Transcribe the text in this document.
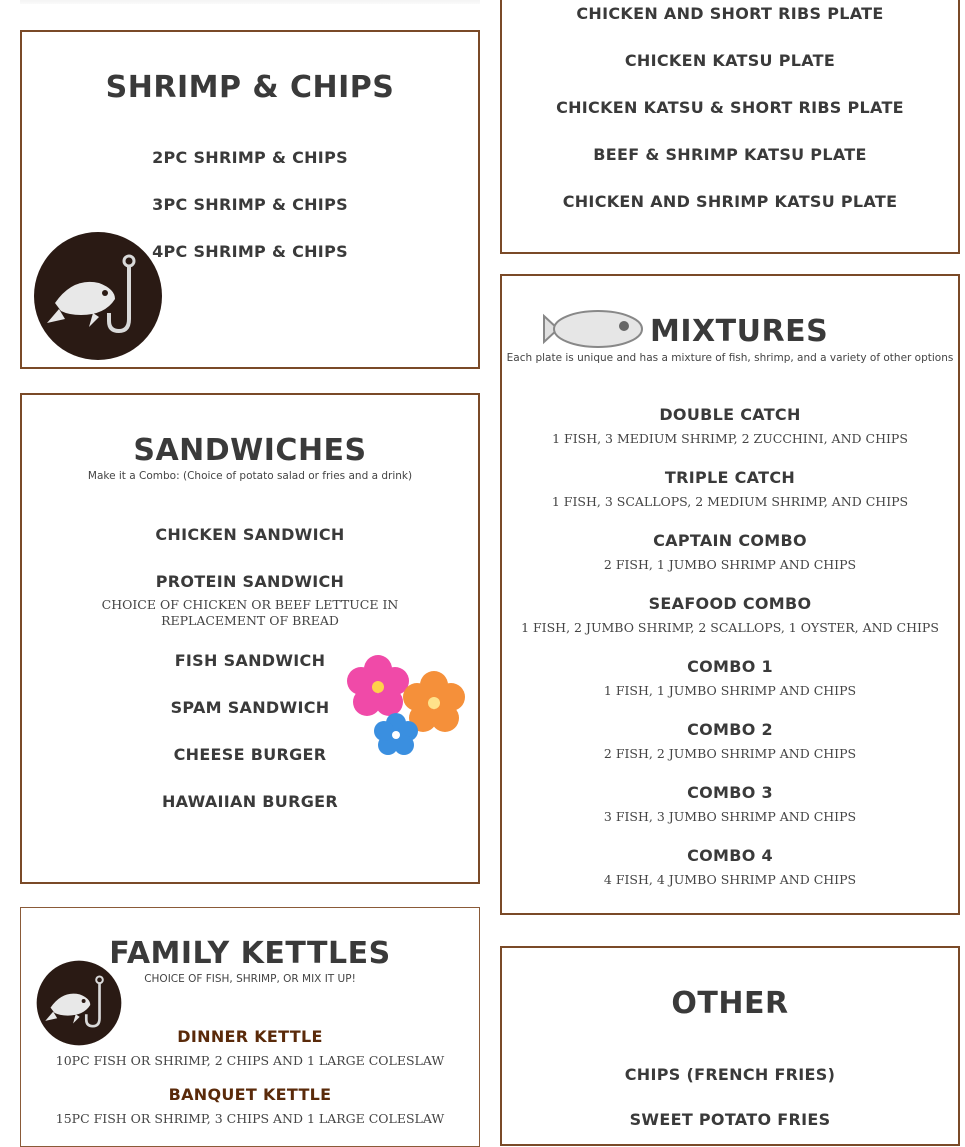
SHRIMP & CHIPS
2PC SHRIMP & CHIPS
3PC SHRIMP & CHIPS
4PC SHRIMP & CHIPS
CHICKEN AND SHORT RIBS PLATE
CHICKEN KATSU PLATE
CHICKEN KATSU & SHORT RIBS PLATE
BEEF & SHRIMP KATSU PLATE
CHICKEN AND SHRIMP KATSU PLATE
SANDWICHES

Make it a Combo: (Choice of potato salad or fries and a drink)

CHICKEN SANDWICH
PROTEIN SANDWICH
CHOICE OF CHICKEN OR BEEF LETTUCE IN REPLACEMENT OF BREAD
FISH SANDWICH
SPAM SANDWICH
CHEESE BURGER
HAWAIIAN BURGER
MIXTURES

Each plate is unique and has a mixture of fish, shrimp, and a variety of other options

DOUBLE CATCH
1 FISH, 3 MEDIUM SHRIMP, 2 ZUCCHINI, AND CHIPS
TRIPLE CATCH
1 FISH, 3 SCALLOPS, 2 MEDIUM SHRIMP, AND CHIPS
CAPTAIN COMBO
2 FISH, 1 JUMBO SHRIMP AND CHIPS
SEAFOOD COMBO
1 FISH, 2 JUMBO SHRIMP, 2 SCALLOPS, 1 OYSTER, AND CHIPS
COMBO 1
1 FISH, 1 JUMBO SHRIMP AND CHIPS
COMBO 2
2 FISH, 2 JUMBO SHRIMP AND CHIPS
COMBO 3
3 FISH, 3 JUMBO SHRIMP AND CHIPS
COMBO 4
4 FISH, 4 JUMBO SHRIMP AND CHIPS
FAMILY KETTLES

CHOICE OF FISH, SHRIMP, OR MIX IT UP!

DINNER KETTLE
10PC FISH OR SHRIMP, 2 CHIPS AND 1 LARGE COLESLAW
BANQUET KETTLE
15PC FISH OR SHRIMP, 3 CHIPS AND 1 LARGE COLESLAW
OTHER
CHIPS (FRENCH FRIES)
SWEET POTATO FRIES
